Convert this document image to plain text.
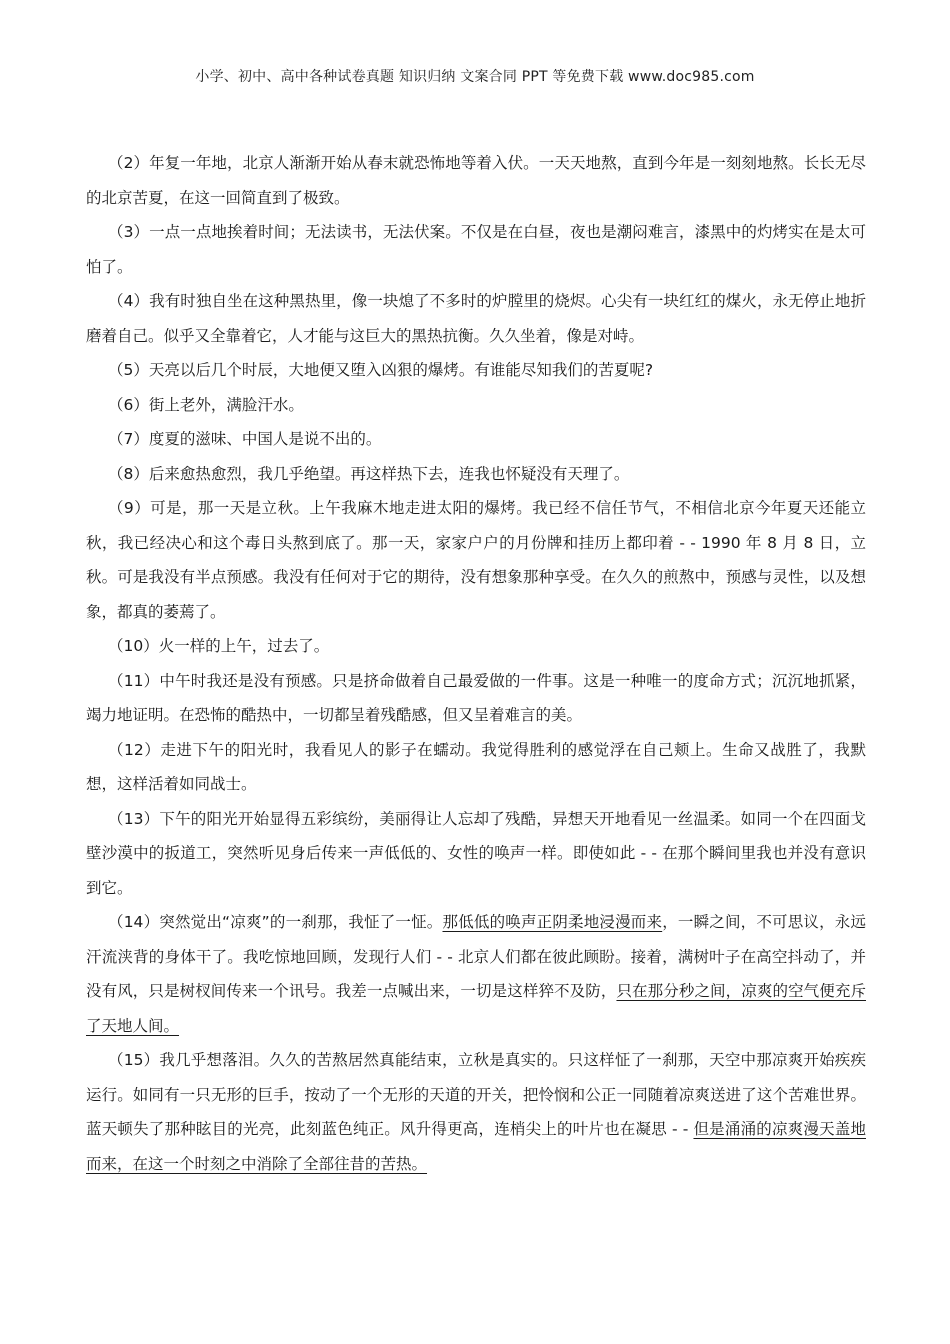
小学、初中、高中各种试卷真题 知识归纳 文案合同 PPT 等免费下载 www.doc985.com

（2）年复一年地，北京人渐渐开始从春末就恐怖地等着入伏。一天天地熬，直到今年是一刻刻地熬。长长无尽的北京苦夏，在这一回简直到了极致。

（3）一点一点地挨着时间；无法读书，无法伏案。不仅是在白昼，夜也是潮闷难言，漆黑中的灼烤实在是太可怕了。

（4）我有时独自坐在这种黑热里，像一块熄了不多时的炉膛里的烧烬。心尖有一块红红的煤火，永无停止地折磨着自己。似乎又全靠着它，人才能与这巨大的黑热抗衡。久久坐着，像是对峙。

（5）天亮以后几个时辰，大地便又堕入凶狠的爆烤。有谁能尽知我们的苦夏呢?

（6）街上老外，满脸汗水。

（7）度夏的滋味、中国人是说不出的。

（8）后来愈热愈烈，我几乎绝望。再这样热下去，连我也怀疑没有天理了。

（9）可是，那一天是立秋。上午我麻木地走进太阳的爆烤。我已经不信任节气，不相信北京今年夏天还能立秋，我已经决心和这个毒日头熬到底了。那一天，家家户户的月份牌和挂历上都印着 - - 1990 年 8 月 8 日，立秋。可是我没有半点预感。我没有任何对于它的期待，没有想象那种享受。在久久的煎熬中，预感与灵性，以及想象，都真的萎蔫了。

（10）火一样的上午，过去了。

（11）中午时我还是没有预感。只是挤命做着自己最爱做的一件事。这是一种唯一的度命方式；沉沉地抓紧，竭力地证明。在恐怖的酷热中，一切都呈着残酷感，但又呈着难言的美。

（12）走进下午的阳光时，我看见人的影子在蠕动。我觉得胜利的感觉浮在自己颊上。生命又战胜了，我默想，这样活着如同战士。

（13）下午的阳光开始显得五彩缤纷，美丽得让人忘却了残酷，异想天开地看见一丝温柔。如同一个在四面戈壁沙漠中的扳道工，突然听见身后传来一声低低的、女性的唤声一样。即使如此 - - 在那个瞬间里我也并没有意识到它。

（14）突然觉出“凉爽”的一刹那，我怔了一怔。那低低的唤声正阴柔地浸漫而来，一瞬之间，不可思议，永远汗流浃背的身体干了。我吃惊地回顾，发现行人们 - - 北京人们都在彼此顾盼。接着，满树叶子在高空抖动了，并没有风，只是树杈间传来一个讯号。我差一点喊出来，一切是这样猝不及防，只在那分秒之间，凉爽的空气便充斥了天地人间。

（15）我几乎想落泪。久久的苦熬居然真能结束，立秋是真实的。只这样怔了一刹那，天空中那凉爽开始疾疾运行。如同有一只无形的巨手，按动了一个无形的天道的开关，把怜悯和公正一同随着凉爽送进了这个苦难世界。蓝天顿失了那种眩目的光亮，此刻蓝色纯正。风升得更高，连梢尖上的叶片也在凝思 - - 但是涌涌的凉爽漫天盖地而来，在这一个时刻之中消除了全部往昔的苦热。
